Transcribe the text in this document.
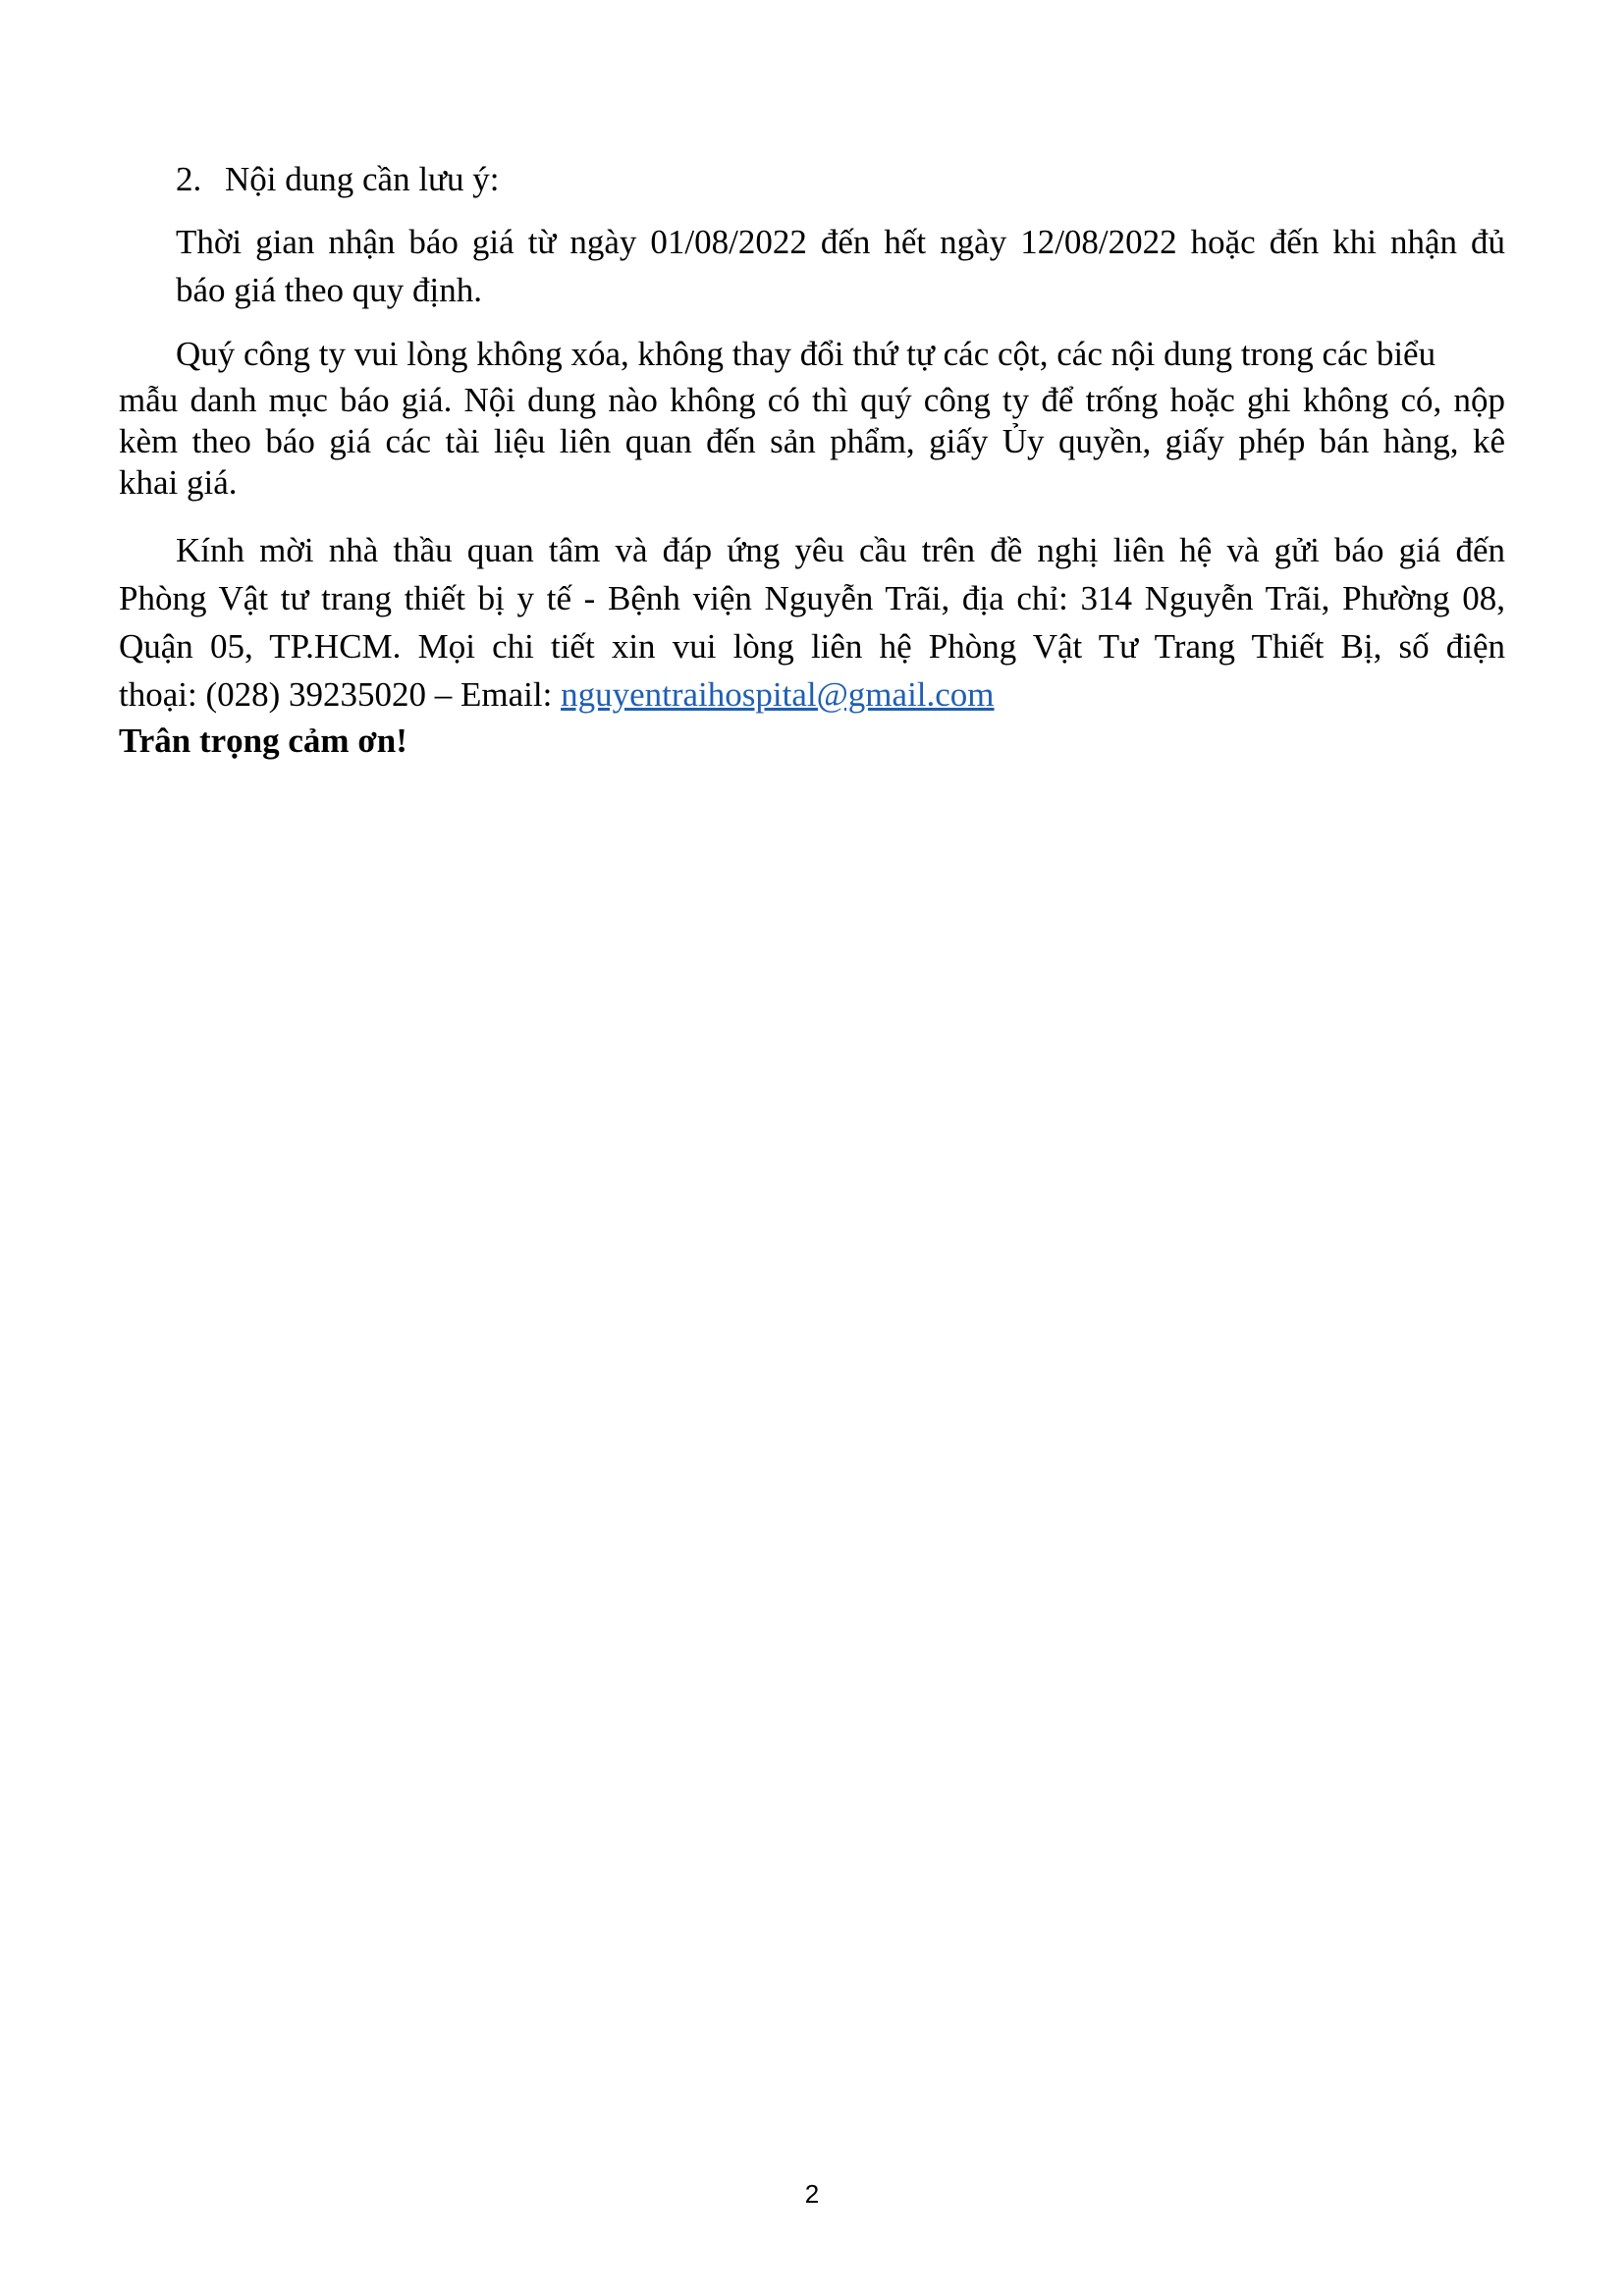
2. Nội dung cần lưu ý:

Thời gian nhận báo giá từ ngày 01/08/2022 đến hết ngày 12/08/2022 hoặc đến khi nhận đủ
báo giá theo quy định.

Quý công ty vui lòng không xóa, không thay đổi thứ tự các cột, các nội dung trong các biểu
mẫu danh mục báo giá. Nội dung nào không có thì quý công ty để trống hoặc ghi không có, nộp
kèm theo báo giá các tài liệu liên quan đến sản phẩm, giấy Ủy quyền, giấy phép bán hàng, kê
khai giá.
Kính mời nhà thầu quan tâm và đáp ứng yêu cầu trên đề nghị liên hệ và gửi báo giá đến
Phòng Vật tư trang thiết bị y tế - Bệnh viện Nguyễn Trãi, địa chỉ: 314 Nguyễn Trãi, Phường 08,
Quận 05, TP.HCM. Mọi chi tiết xin vui lòng liên hệ Phòng Vật Tư Trang Thiết Bị, số điện
thoại: (028) 39235020 – Email: nguyentraihospital@gmail.com

Trân trọng cảm ơn!

2
